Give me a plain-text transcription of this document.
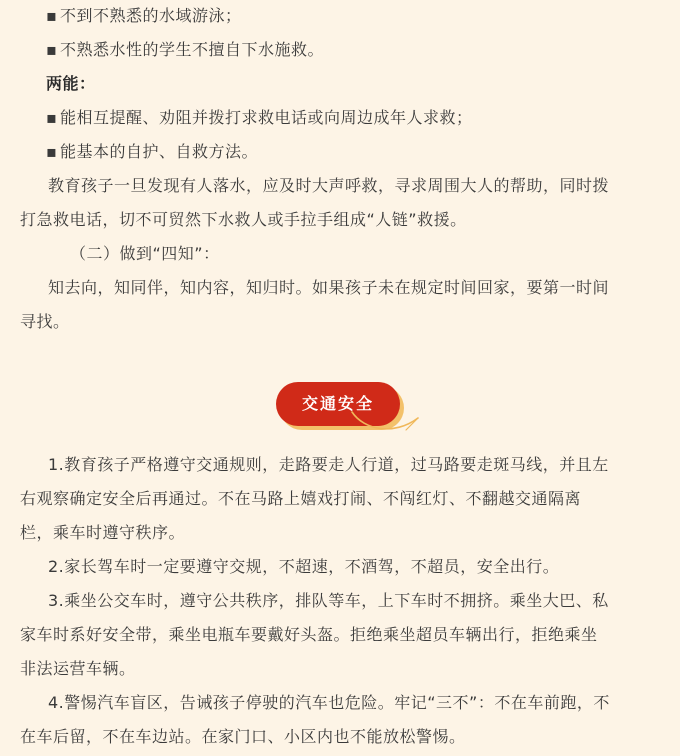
▪ 不到不熟悉的水域游泳；

▪ 不熟悉水性的学生不擅自下水施救。

两能：

▪ 能相互提醒、劝阻并拨打求救电话或向周边成年人求救；

▪ 能基本的自护、自救方法。

教育孩子一旦发现有人落水，应及时大声呼救，寻求周围大人的帮助，同时拨

打急救电话，切不可贸然下水救人或手拉手组成“人链”救援。

（二）做到“四知”：

知去向，知同伴，知内容，知归时。如果孩子未在规定时间回家，要第一时间

寻找。

交通安全

1.教育孩子严格遵守交通规则，走路要走人行道，过马路要走斑马线，并且左

右观察确定安全后再通过。不在马路上嬉戏打闹、不闯红灯、不翻越交通隔离

栏，乘车时遵守秩序。

2.家长驾车时一定要遵守交规，不超速，不酒驾，不超员，安全出行。

3.乘坐公交车时，遵守公共秩序，排队等车，上下车时不拥挤。乘坐大巴、私

家车时系好安全带，乘坐电瓶车要戴好头盔。拒绝乘坐超员车辆出行，拒绝乘坐

非法运营车辆。

4.警惕汽车盲区，告诫孩子停驶的汽车也危险。牢记“三不”：不在车前跑，不

在车后留，不在车边站。在家门口、小区内也不能放松警惕。
